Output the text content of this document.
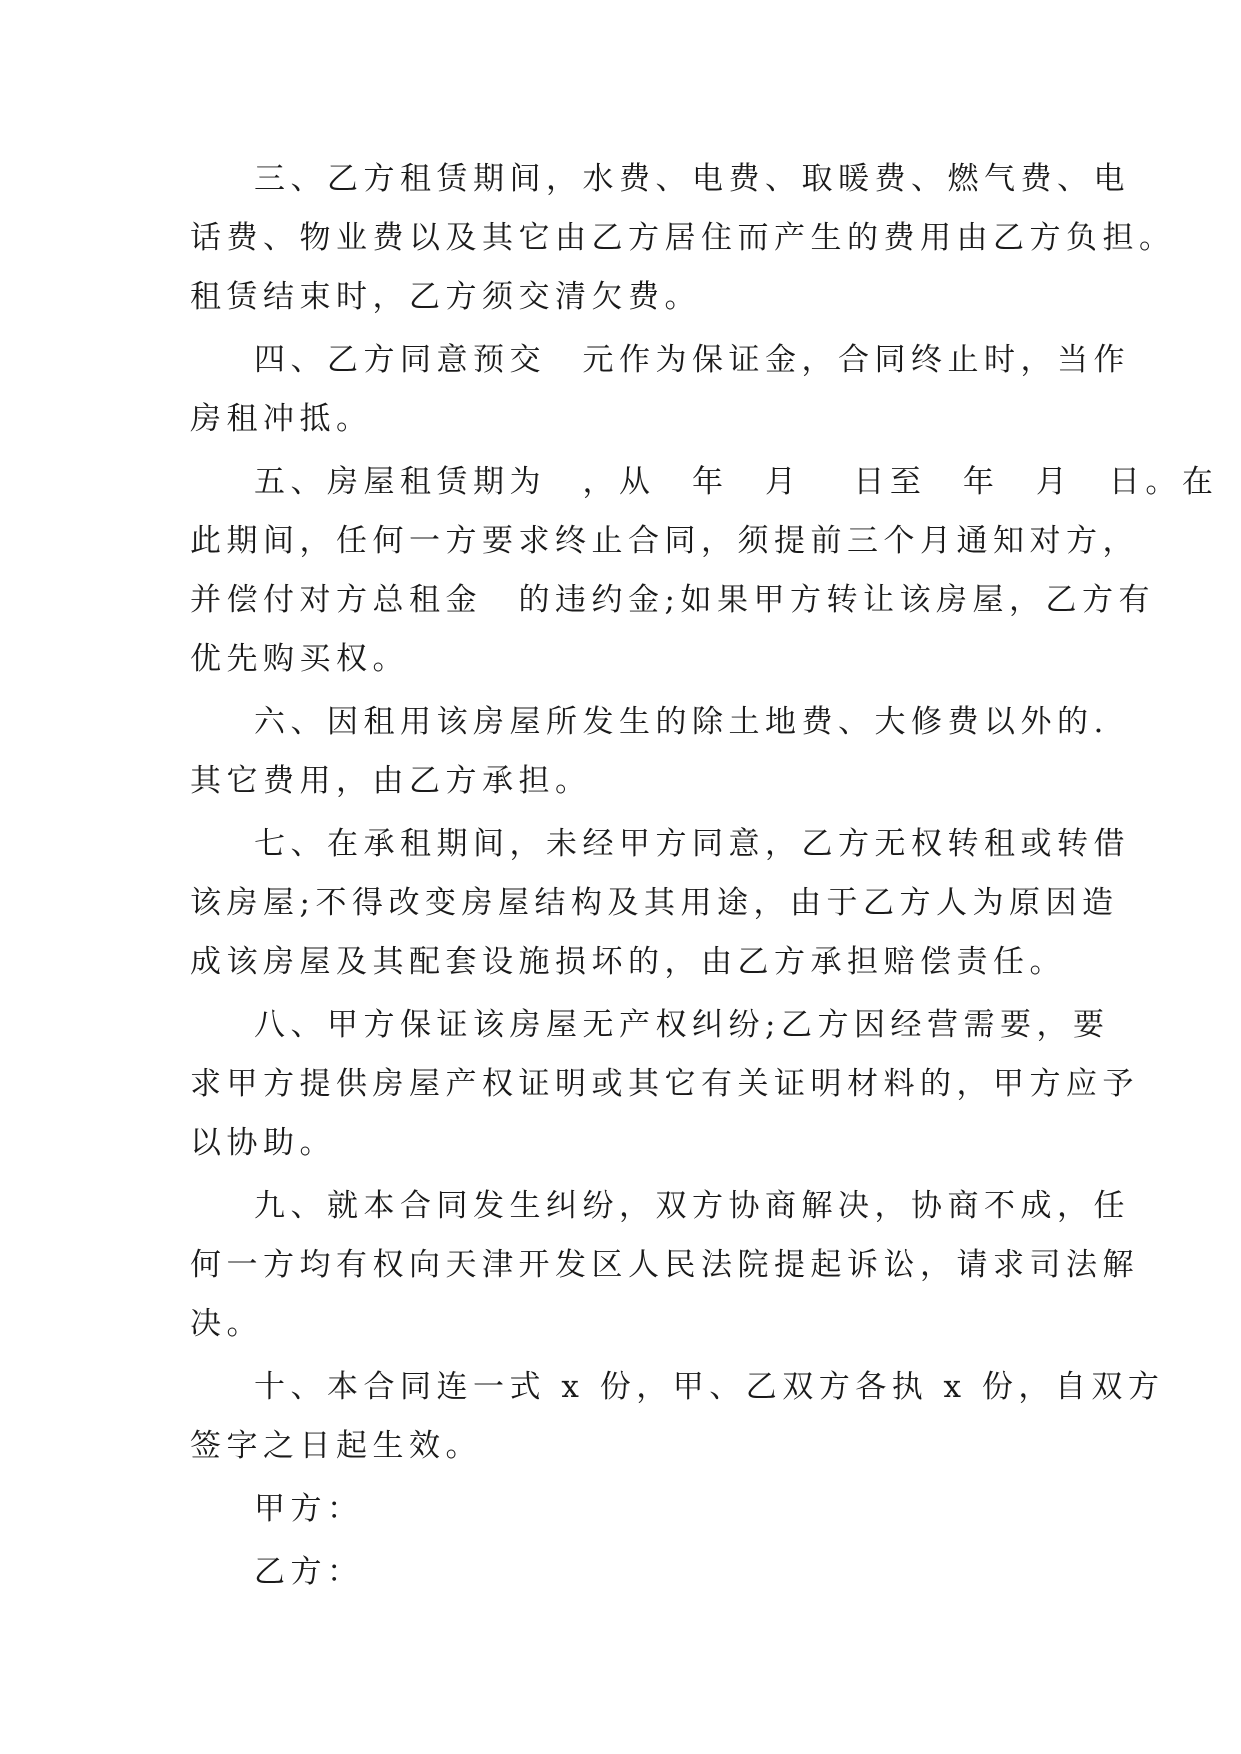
三、乙方租赁期间，水费、电费、取暖费、燃气费、电
话费、物业费以及其它由乙方居住而产生的费用由乙方负担。
租赁结束时，乙方须交清欠费。

四、乙方同意预交　元作为保证金，合同终止时，当作
房租冲抵。

五、房屋租赁期为　，从　年　月　 日至　年　月　日。在
此期间，任何一方要求终止合同，须提前三个月通知对方，
并偿付对方总租金　的违约金;如果甲方转让该房屋，乙方有
优先购买权。

六、因租用该房屋所发生的除土地费、大修费以外的.
其它费用，由乙方承担。

七、在承租期间，未经甲方同意，乙方无权转租或转借
该房屋;不得改变房屋结构及其用途，由于乙方人为原因造
成该房屋及其配套设施损坏的，由乙方承担赔偿责任。

八、甲方保证该房屋无产权纠纷;乙方因经营需要，要
求甲方提供房屋产权证明或其它有关证明材料的，甲方应予
以协助。

九、就本合同发生纠纷，双方协商解决，协商不成，任
何一方均有权向天津开发区人民法院提起诉讼，请求司法解
决。

十、本合同连一式 x 份，甲、乙双方各执 x 份，自双方
签字之日起生效。

甲方：

乙方：
